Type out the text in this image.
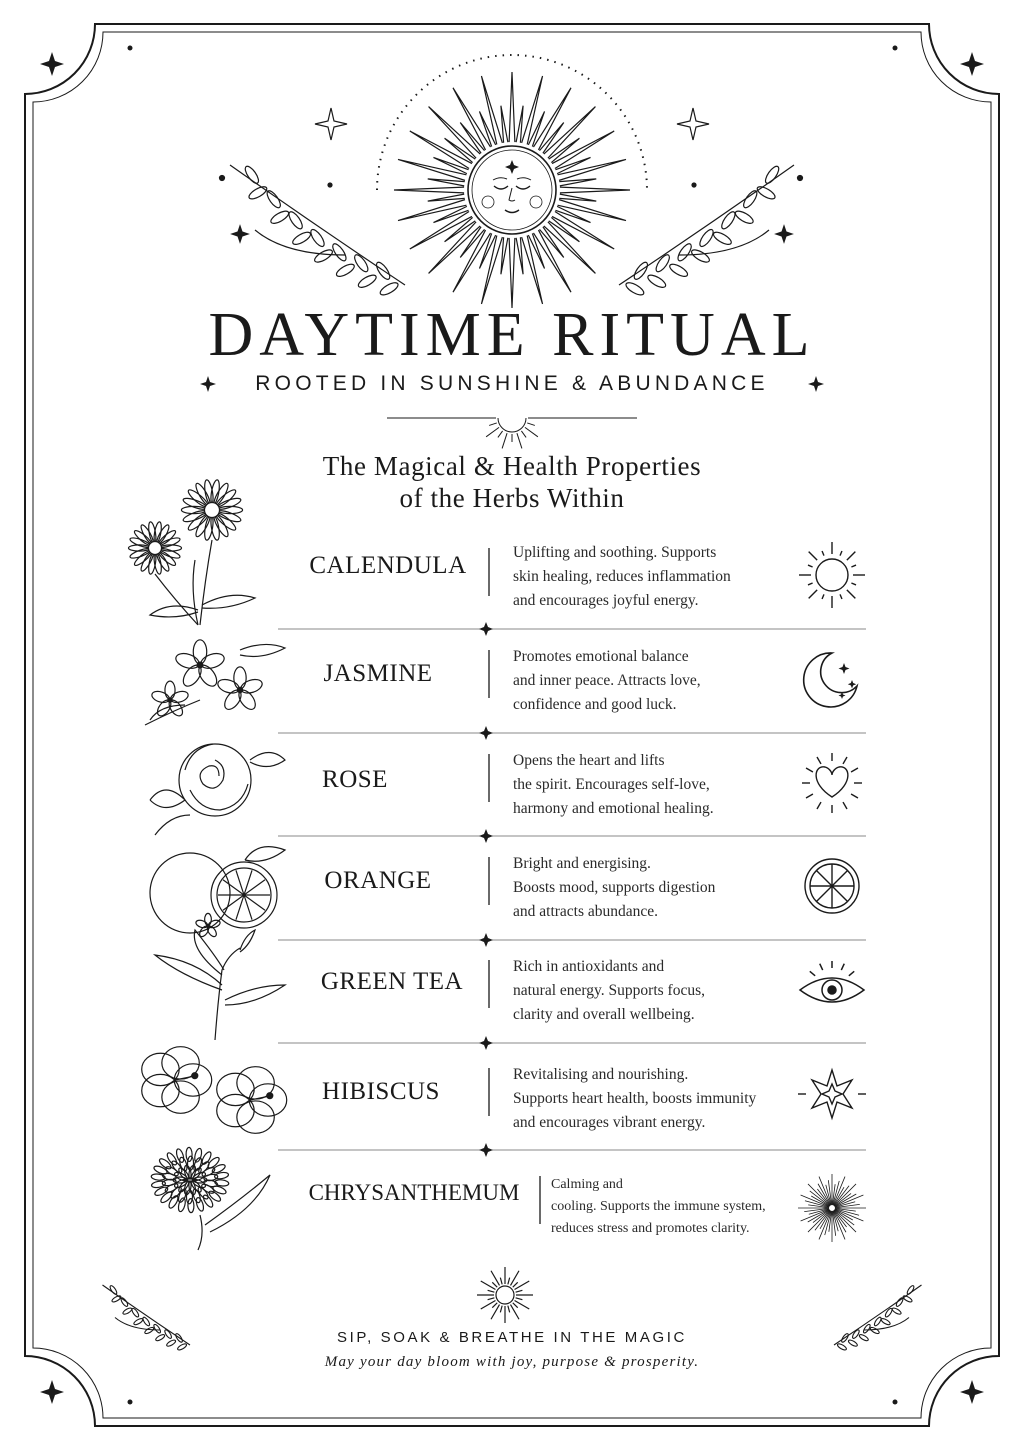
DAYTIME RITUAL
ROOTED IN SUNSHINE & ABUNDANCE
The Magical & Health Properties
of the Herbs Within
CALENDULA	Uplifting and soothing. Supports
skin healing, reduces inflammation
and encourages joyful energy.
JASMINE
Promotes emotional balance
and inner peace. Attracts love,
confidence and good luck.
ROSE
Opens the heart and lifts
the spirit. Encourages self-love,
harmony and emotional healing.
ORANGE
Bright and energising.
Boosts mood, supports digestion
and attracts abundance.
GREEN TEA
Rich in antioxidants and
natural energy. Supports focus,
clarity and overall wellbeing.
HIBISCUS
Revitalising and nourishing.
Supports heart health, boosts immunity
and encourages vibrant energy.
CHRYSANTHEMUM	Calming and
cooling. Supports the immune system,
reduces stress and promotes clarity.
SIP, SOAK & BREATHE IN THE MAGIC
May your day bloom with joy, purpose & prosperity.
